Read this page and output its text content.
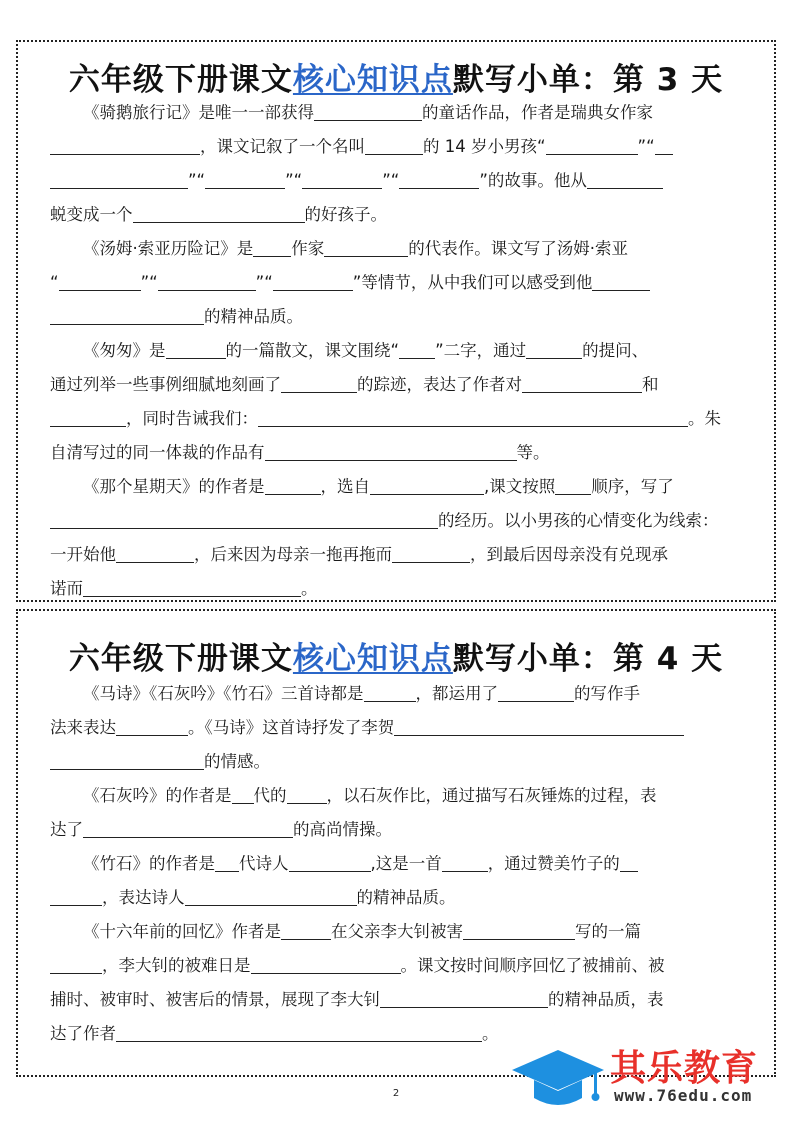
六年级下册课文核心知识点默写小单：第 3 天
《骑鹅旅行记》是唯一一部获得	的童话作品，作者是瑞典女作家
，课文记叙了一个名叫	的 14 岁小男孩“	”“
”“	”“	”“	”的故事。他从
蜕变成一个	的好孩子。
《汤姆·索亚历险记》是 作家	的代表作。课文写了汤姆·索亚
“	”“	”“	”等情节，从中我们可以感受到他
的精神品质。
《匆匆》是	的一篇散文，课文围绕“ ”二字，通过	的提问、
通过列举一些事例细腻地刻画了	的踪迹，表达了作者对	和
，同时告诫我们：	。朱
自清写过的同一体裁的作品有	等。
《那个星期天》的作者是	，选自	,课文按照 顺序，写了
的经历。以小男孩的心情变化为线索：
一开始他	，后来因为母亲一拖再拖而	，到最后因母亲没有兑现承
诺而	。
六年级下册课文核心知识点默写小单：第 4 天
《马诗》《石灰吟》《竹石》三首诗都是	，都运用了	的写作手
法来表达	。《马诗》这首诗抒发了李贺
的情感。
《石灰吟》的作者是 代的 ，以石灰作比，通过描写石灰锤炼的过程，表
达了	的高尚情操。
《竹石》的作者是 代诗人	,这是一首	，通过赞美竹子的
，表达诗人	的精神品质。
《十六年前的回忆》作者是	在父亲李大钊被害	写的一篇
，李大钊的被难日是	。课文按时间顺序回忆了被捕前、被
捕时、被审时、被害后的情景，展现了李大钊	的精神品质，表
达了作者	。
2
其乐教育
www.76edu.com
